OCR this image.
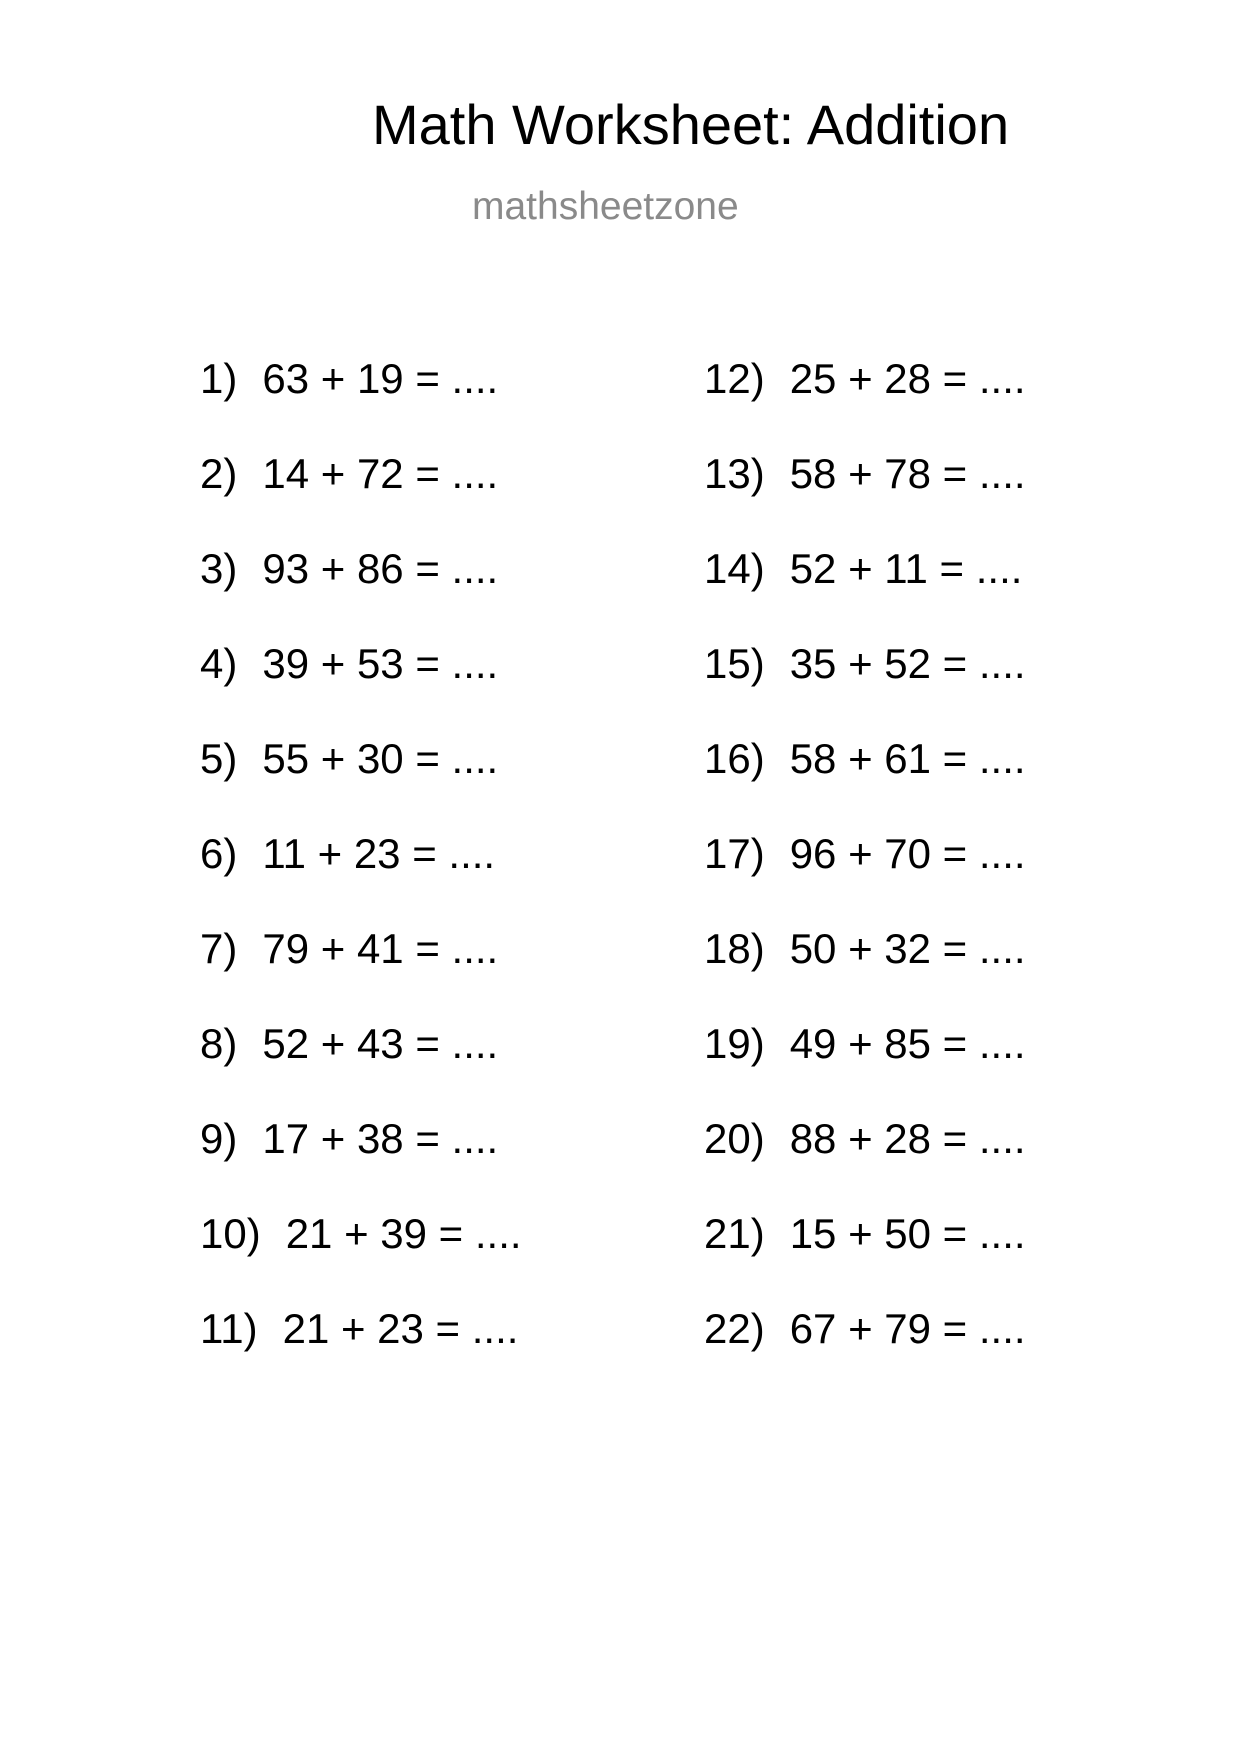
Math Worksheet: Addition
mathsheetzone
1) 63 + 19 = ....
2) 14 + 72 = ....
3) 93 + 86 = ....
4) 39 + 53 = ....
5) 55 + 30 = ....
6) 11 + 23 = ....
7) 79 + 41 = ....
8) 52 + 43 = ....
9) 17 + 38 = ....
10) 21 + 39 = ....
11) 21 + 23 = ....
12) 25 + 28 = ....
13) 58 + 78 = ....
14) 52 + 11 = ....
15) 35 + 52 = ....
16) 58 + 61 = ....
17) 96 + 70 = ....
18) 50 + 32 = ....
19) 49 + 85 = ....
20) 88 + 28 = ....
21) 15 + 50 = ....
22) 67 + 79 = ....
